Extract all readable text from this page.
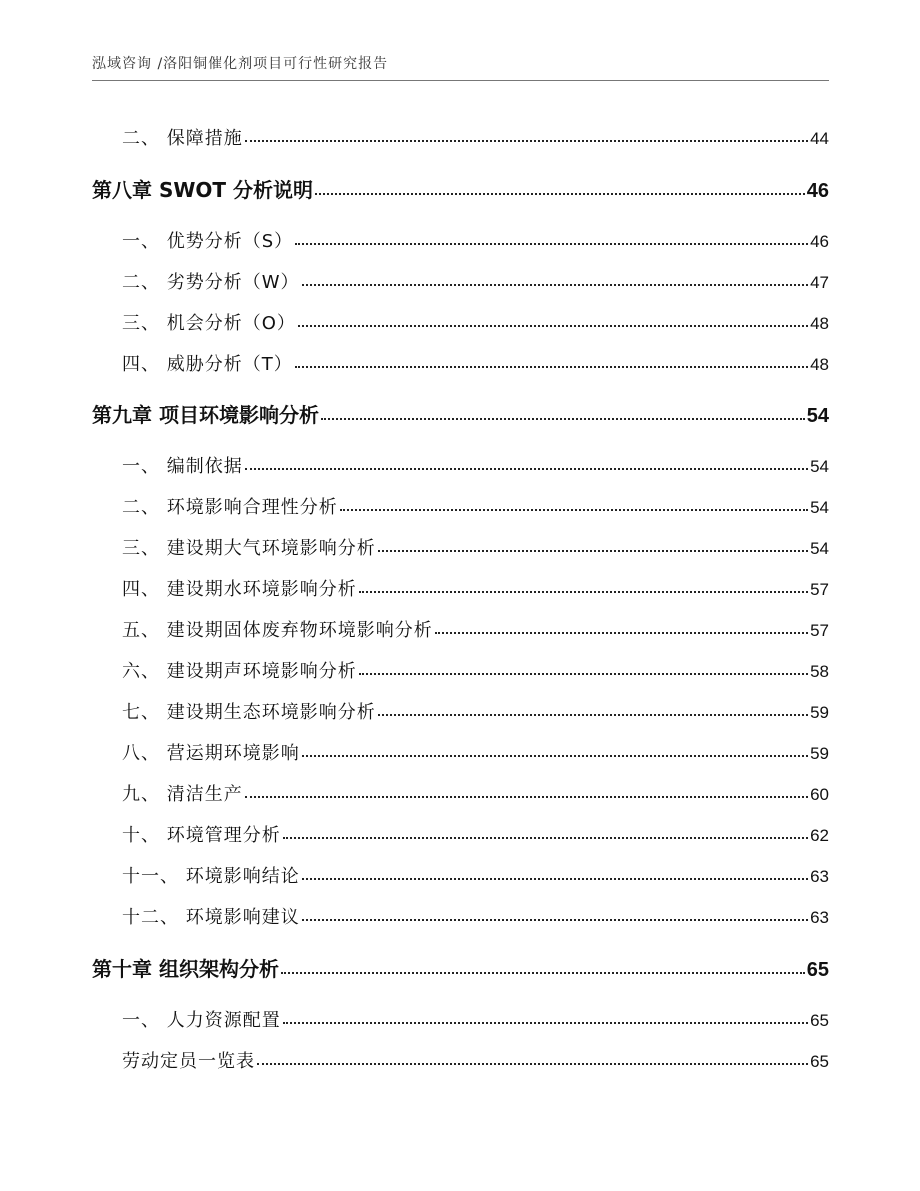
泓域咨询 /洛阳铜催化剂项目可行性研究报告
二、 保障措施	44
第八章 SWOT 分析说明	46
一、 优势分析（S）	46
二、 劣势分析（W）	47
三、 机会分析（O）	48
四、 威胁分析（T）	48
第九章 项目环境影响分析	54
一、 编制依据	54
二、 环境影响合理性分析	54
三、 建设期大气环境影响分析	54
四、 建设期水环境影响分析	57
五、 建设期固体废弃物环境影响分析	57
六、 建设期声环境影响分析	58
七、 建设期生态环境影响分析	59
八、 营运期环境影响	59
九、 清洁生产	60
十、 环境管理分析	62
十一、 环境影响结论	63
十二、 环境影响建议	63
第十章 组织架构分析	65
一、 人力资源配置	65
劳动定员一览表	65
